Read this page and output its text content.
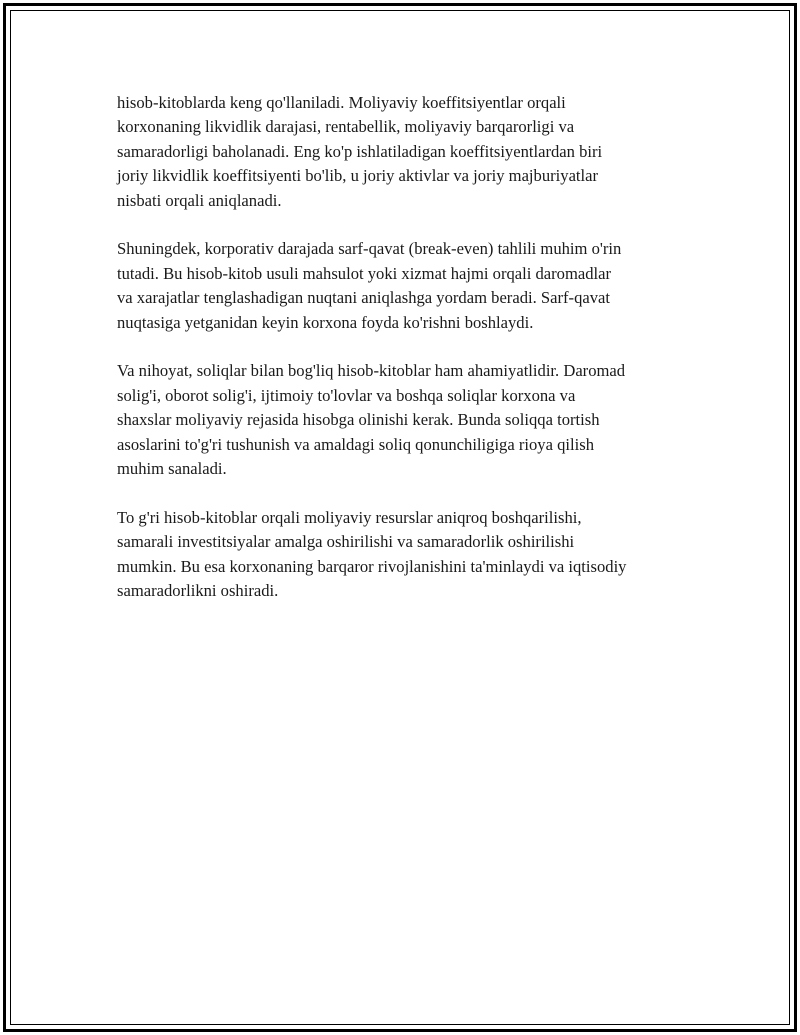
hisob-kitoblarda keng qo'llaniladi. Moliyaviy koeffitsiyentlar orqali
korxonaning likvidlik darajasi, rentabellik, moliyaviy barqarorligi va
samaradorligi baholanadi. Eng ko'p ishlatiladigan koeffitsiyentlardan biri
joriy likvidlik koeffitsiyenti bo'lib, u joriy aktivlar va joriy majburiyatlar
nisbati orqali aniqlanadi.

Shuningdek, korporativ darajada sarf-qavat (break-even) tahlili muhim o'rin
tutadi. Bu hisob-kitob usuli mahsulot yoki xizmat hajmi orqali daromadlar
va xarajatlar tenglashadigan nuqtani aniqlashga yordam beradi. Sarf-qavat
nuqtasiga yetganidan keyin korxona foyda ko'rishni boshlaydi.

Va nihoyat, soliqlar bilan bog'liq hisob-kitoblar ham ahamiyatlidir. Daromad
solig'i, oborot solig'i, ijtimoiy to'lovlar va boshqa soliqlar korxona va
shaxslar moliyaviy rejasida hisobga olinishi kerak. Bunda soliqqa tortish
asoslarini to'g'ri tushunish va amaldagi soliq qonunchiligiga rioya qilish
muhim sanaladi.

To g'ri hisob-kitoblar orqali moliyaviy resurslar aniqroq boshqarilishi,
samarali investitsiyalar amalga oshirilishi va samaradorlik oshirilishi
mumkin. Bu esa korxonaning barqaror rivojlanishini ta'minlaydi va iqtisodiy
samaradorlikni oshiradi.
